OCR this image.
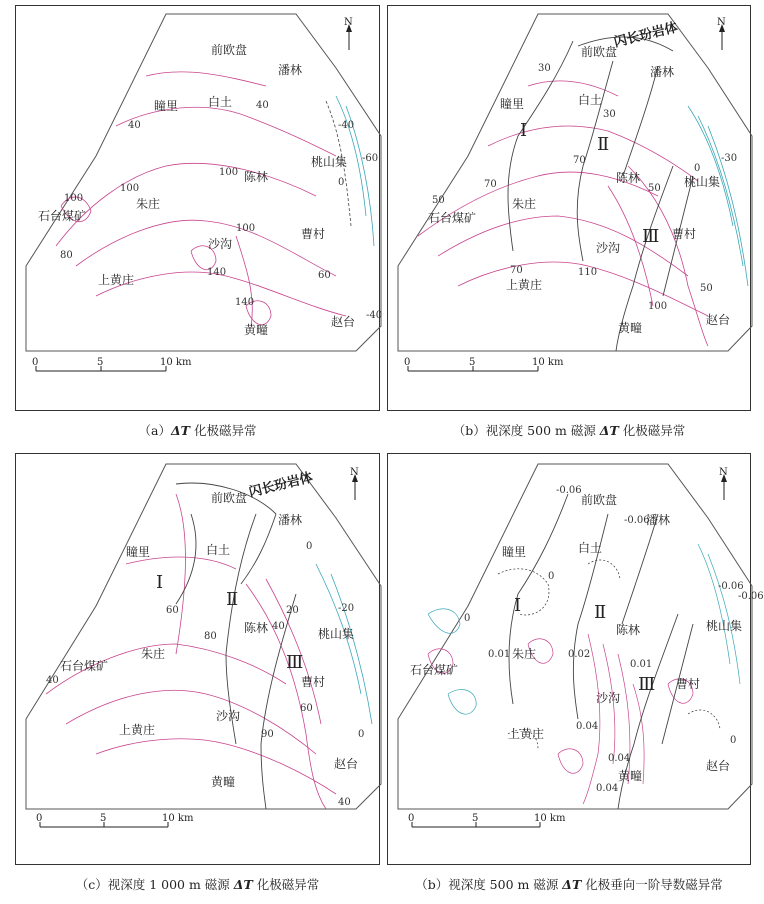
N
0	5	10 km
前欧盘
潘林
瞳里 白土
桃山集
陈林
朱庄
石台煤矿
沙沟
曹村
上黄庄
黄疃
赵台
40
40
-40
-60
0
100
100
100
100
80
140
140
60
-40
（a）ΔT 化极磁异常
闪长玢岩体	N
0	5	10 km
Ⅰ
Ⅱ
Ⅲ
前欧盘
潘林
瞳里	白土
桃山集
陈林
朱庄
石台煤矿
沙沟
曹村
上黄庄
黄疃
赵台
30
30
70
50
50
70
-30
0
110
70
100
50
（b）视深度 500 m 磁源 ΔT 化极磁异常
闪长玢岩体	N
0	5	10 km
Ⅰ
Ⅱ
Ⅲ
前欧盘
潘林
瞳里	白土
桃山集
陈林
朱庄
石台煤矿
沙沟
曹村
上黄庄
黄疃
赵台
0
60
80
20
40
-20
40
60
90	0
40
（c）视深度 1 000 m 磁源 ΔT 化极磁异常
N
0	5	10 km
Ⅰ	Ⅱ
Ⅲ
前欧盘
潘林
瞳里	白土
桃山集
陈林
朱庄
石台煤矿
沙沟
曹村
上黄庄
黄疃
赵台
-0.06
-0.06
0
0
-0.06
-0.06
0.01	0.02
0.01
0.04
0.04
0.04
0
（b）视深度 500 m 磁源 ΔT 化极垂向一阶导数磁异常
